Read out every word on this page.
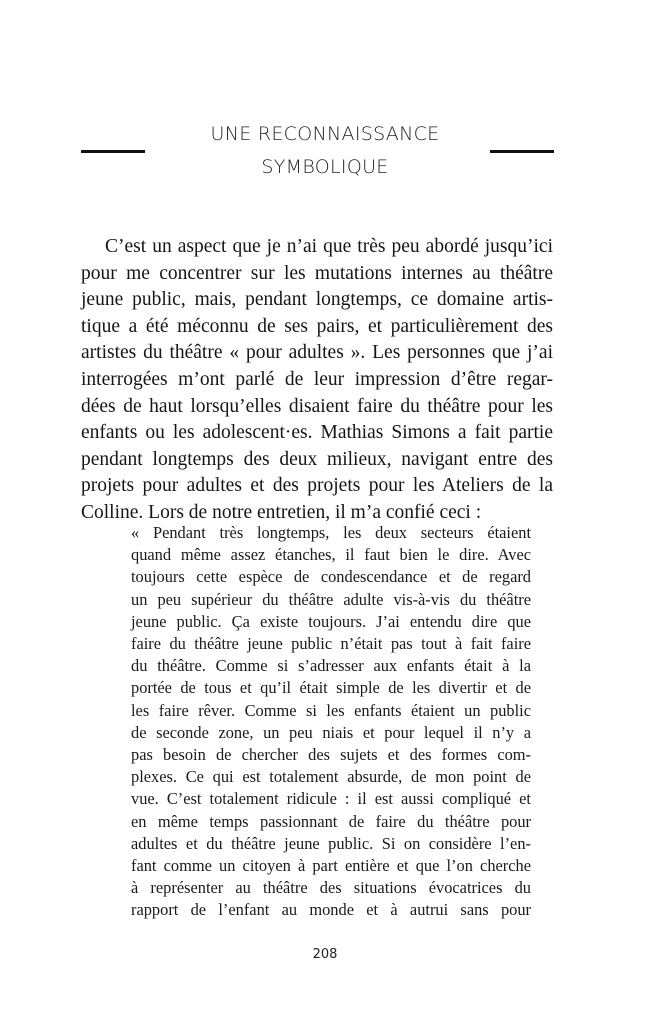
UNE RECONNAISSANCE
SYMBOLIQUE
C’est un aspect que je n’ai que très peu abordé jusqu’ici
pour me concentrer sur les mutations internes au théâtre
jeune public, mais, pendant longtemps, ce domaine artis-
tique a été méconnu de ses pairs, et particulièrement des
artistes du théâtre « pour adultes ». Les personnes que j’ai
interrogées m’ont parlé de leur impression d’être regar-
dées de haut lorsqu’elles disaient faire du théâtre pour les
enfants ou les adolescent·es. Mathias Simons a fait partie
pendant longtemps des deux milieux, navigant entre des
projets pour adultes et des projets pour les Ateliers de la
Colline. Lors de notre entretien, il m’a confié ceci :
« Pendant très longtemps, les deux secteurs étaient
quand même assez étanches, il faut bien le dire. Avec
toujours cette espèce de condescendance et de regard
un peu supérieur du théâtre adulte vis-à-vis du théâtre
jeune public. Ça existe toujours. J’ai entendu dire que
faire du théâtre jeune public n’était pas tout à fait faire
du théâtre. Comme si s’adresser aux enfants était à la
portée de tous et qu’il était simple de les divertir et de
les faire rêver. Comme si les enfants étaient un public
de seconde zone, un peu niais et pour lequel il n’y a
pas besoin de chercher des sujets et des formes com-
plexes. Ce qui est totalement absurde, de mon point de
vue. C’est totalement ridicule : il est aussi compliqué et
en même temps passionnant de faire du théâtre pour
adultes et du théâtre jeune public. Si on considère l’en-
fant comme un citoyen à part entière et que l’on cherche
à représenter au théâtre des situations évocatrices du
rapport de l’enfant au monde et à autrui sans pour
208
